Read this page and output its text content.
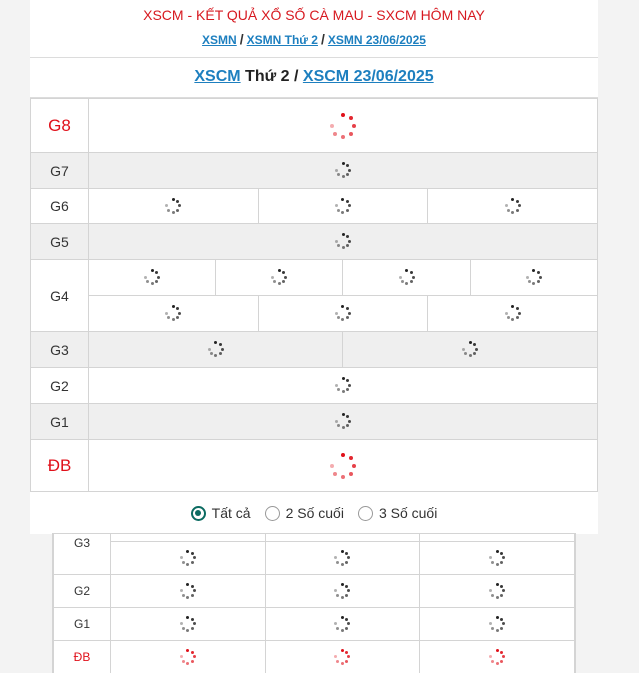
XSCM - KẾT QUẢ XỔ SỐ CÀ MAU - SXCM HÔM NAY
XSMN / XSMN Thứ 2 / XSMN 23/06/2025
XSCM Thứ 2 / XSCM 23/06/2025
G8						

G7						

G6				

G5						

G4			

G3					

G2						

G1						

ĐB						
Tất cả	2 Số cuối	3 Số cuối
G3			

G2	

G1	

ĐB	
